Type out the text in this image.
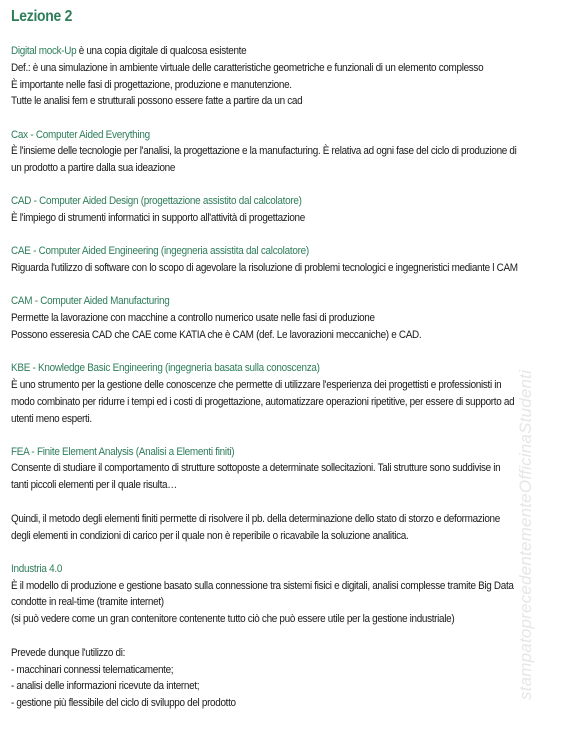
Lezione 2
Digital mock-Up è una copia digitale di qualcosa esistente
Def.: è una simulazione in ambiente virtuale delle caratteristiche geometriche e funzionali di un elemento complesso
È importante nelle fasi di progettazione, produzione e manutenzione.
Tutte le analisi fem e strutturali possono essere fatte a partire da un cad
Cax - Computer Aided Everything
È l'insieme delle tecnologie per l'analisi, la progettazione e la manufacturing. È relativa ad ogni fase del ciclo di produzione di
un prodotto a partire dalla sua ideazione
CAD - Computer Aided Design (progettazione assistito dal calcolatore)
È l'impiego di strumenti informatici in supporto all'attività di progettazione
CAE - Computer Aided Engineering (ingegneria assistita dal calcolatore)
Riguarda l'utilizzo di software con lo scopo di agevolare la risoluzione di problemi tecnologici e ingegneristici mediante l CAM
CAM - Computer Aided Manufacturing
Permette la lavorazione con macchine a controllo numerico usate nelle fasi di produzione
Possono esseresia CAD che CAE come KATIA che è CAM (def. Le lavorazioni meccaniche) e CAD.
KBE - Knowledge Basic Engineering (ingegneria basata sulla conoscenza)
È uno strumento per la gestione delle conoscenze che permette di utilizzare l'esperienza dei progettisti e professionisti in
modo combinato per ridurre i tempi ed i costi di progettazione, automatizzare operazioni ripetitive, per essere di supporto ad
utenti meno esperti.
FEA - Finite Element Analysis (Analisi a Elementi finiti)
Consente di studiare il comportamento di strutture sottoposte a determinate sollecitazioni. Tali strutture sono suddivise in
tanti piccoli elementi per il quale risulta…
Quindi, il metodo degli elementi finiti permette di risolvere il pb. della determinazione dello stato di storzo e deformazione
degli elementi in condizioni di carico per il quale non è reperibile o ricavabile la soluzione analitica.
Industria 4.0
È il modello di produzione e gestione basato sulla connessione tra sistemi fisici e digitali, analisi complesse tramite Big Data
condotte in real-time (tramite internet)
(si può vedere come un gran contenitore contenente tutto ciò che può essere utile per la gestione industriale)
Prevede dunque l'utilizzo di:
- macchinari connessi telematicamente;
- analisi delle informazioni ricevute da internet;
- gestione più flessibile del ciclo di sviluppo del prodotto
stampatoprecedentementeOfficinaStudenti
